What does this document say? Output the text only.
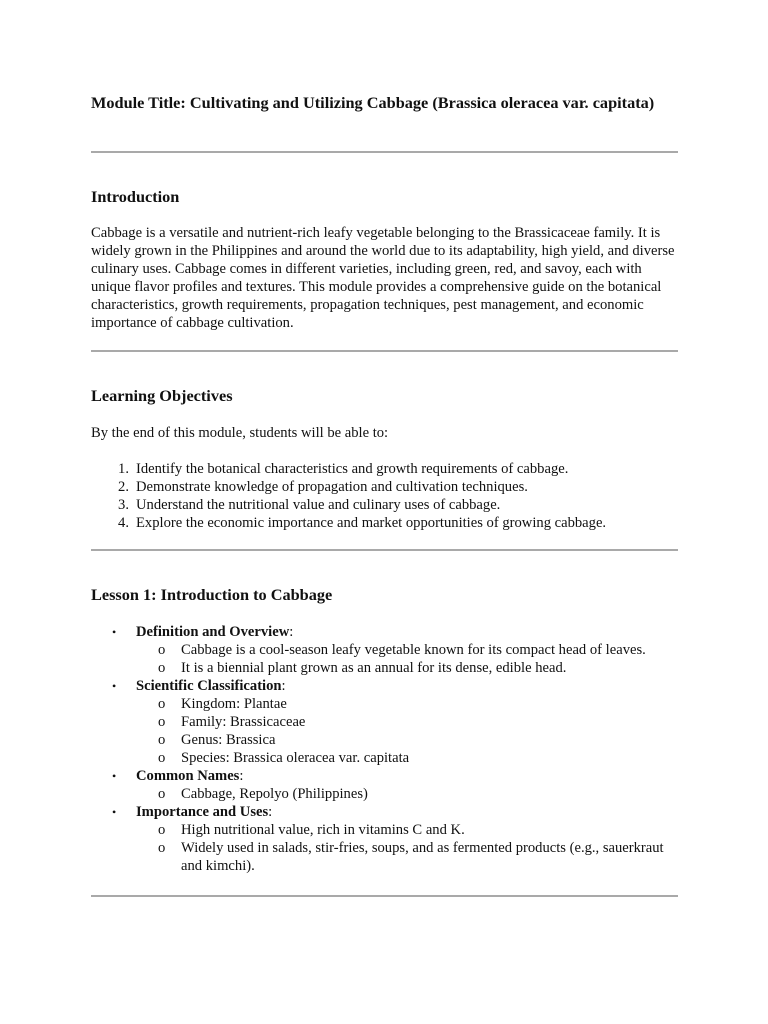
Module Title: Cultivating and Utilizing Cabbage (Brassica oleracea var. capitata)
Introduction

Cabbage is a versatile and nutrient-rich leafy vegetable belonging to the Brassicaceae family. It is widely grown in the Philippines and around the world due to its adaptability, high yield, and diverse culinary uses. Cabbage comes in different varieties, including green, red, and savoy, each with unique flavor profiles and textures. This module provides a comprehensive guide on the botanical characteristics, growth requirements, propagation techniques, pest management, and economic importance of cabbage cultivation.

Learning Objectives

By the end of this module, students will be able to:

1. Identify the botanical characteristics and growth requirements of cabbage.
2. Demonstrate knowledge of propagation and cultivation techniques.
3. Understand the nutritional value and culinary uses of cabbage.
4. Explore the economic importance and market opportunities of growing cabbage.
Lesson 1: Introduction to Cabbage
• Definition and Overview:
o Cabbage is a cool-season leafy vegetable known for its compact head of leaves.
o It is a biennial plant grown as an annual for its dense, edible head.
• Scientific Classification:
o Kingdom: Plantae
o Family: Brassicaceae
o Genus: Brassica
o Species: Brassica oleracea var. capitata
• Common Names:
o Cabbage, Repolyo (Philippines)
• Importance and Uses:
o High nutritional value, rich in vitamins C and K.
o Widely used in salads, stir-fries, soups, and as fermented products (e.g., sauerkraut and kimchi).
